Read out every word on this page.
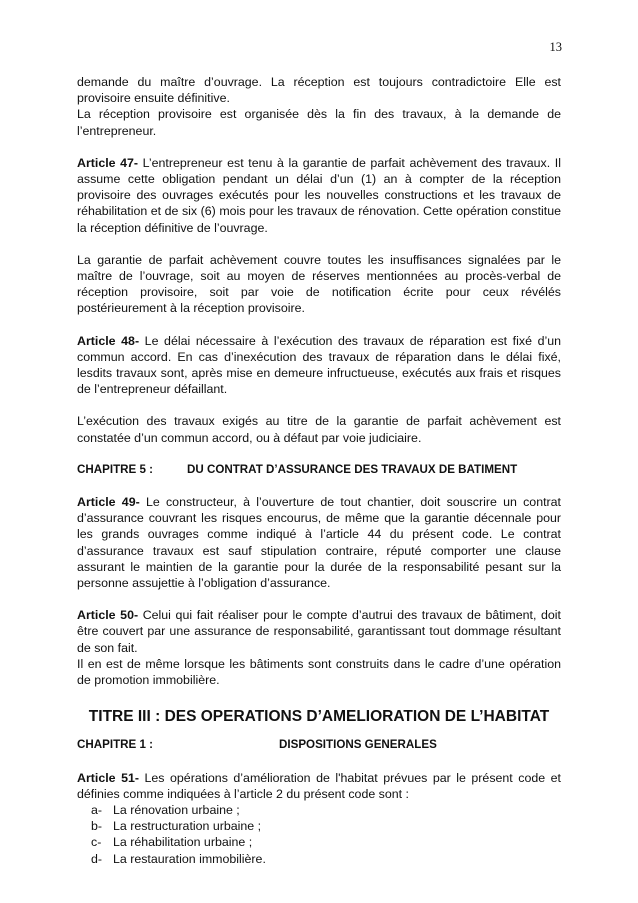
13

demande du maître d’ouvrage. La réception est toujours contradictoire Elle est provisoire ensuite définitive.

La réception provisoire est organisée dès la fin des travaux, à la demande de l’entrepreneur.

Article 47- L’entrepreneur est tenu à la garantie de parfait achèvement des travaux. Il assume cette obligation pendant un délai d’un (1) an à compter de la réception provisoire des ouvrages exécutés pour les nouvelles constructions et les travaux de réhabilitation et de six (6) mois pour les travaux de rénovation. Cette opération constitue la réception définitive de l’ouvrage.

La garantie de parfait achèvement couvre toutes les insuffisances signalées par le maître de l’ouvrage, soit au moyen de réserves mentionnées au procès-verbal de réception provisoire, soit par voie de notification écrite pour ceux révélés postérieurement à la réception provisoire.

Article 48- Le délai nécessaire à l’exécution des travaux de réparation est fixé d’un commun accord. En cas d’inexécution des travaux de réparation dans le délai fixé, lesdits travaux sont, après mise en demeure infructueuse, exécutés aux frais et risques de l’entrepreneur défaillant.

L’exécution des travaux exigés au titre de la garantie de parfait achèvement est constatée d’un commun accord, ou à défaut par voie judiciaire.

CHAPITRE 5 :	DU CONTRAT D’ASSURANCE DES TRAVAUX DE BATIMENT

Article 49- Le constructeur, à l’ouverture de tout chantier, doit souscrire un contrat d’assurance couvrant les risques encourus, de même que la garantie décennale pour les grands ouvrages comme indiqué à l’article 44 du présent code. Le contrat d’assurance travaux est sauf stipulation contraire, réputé comporter une clause assurant le maintien de la garantie pour la durée de la responsabilité pesant sur la personne assujettie à l’obligation d’assurance.

Article 50- Celui qui fait réaliser pour le compte d’autrui des travaux de bâtiment, doit être couvert par une assurance de responsabilité, garantissant tout dommage résultant de son fait.

Il en est de même lorsque les bâtiments sont construits dans le cadre d’une opération de promotion immobilière.

TITRE III : DES OPERATIONS D’AMELIORATION DE L’HABITAT
CHAPITRE 1 :	DISPOSITIONS GENERALES

Article 51- Les opérations d’amélioration de l'habitat prévues par le présent code et définies comme indiquées à l’article 2 du présent code sont :

a- La rénovation urbaine ;
b- La restructuration urbaine ;
c- La réhabilitation urbaine ;
d- La restauration immobilière.
